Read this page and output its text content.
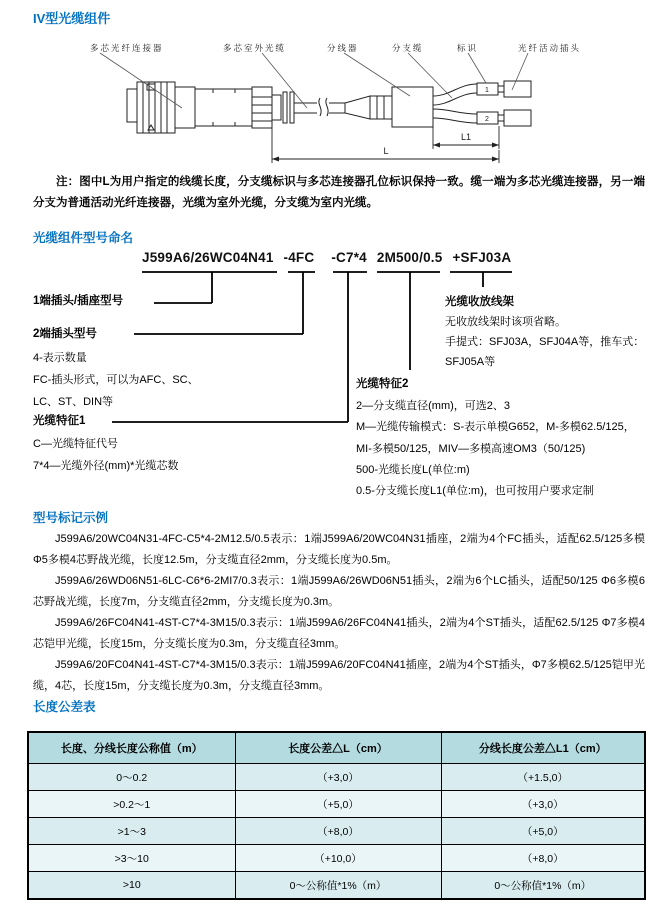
IV型光缆组件
多芯光纤连接器	多芯室外光缆	分线器	分支缆	标识	光纤活动插头
1
2
L1
L

注：图中L为用户指定的线缆长度，分支缆标识与多芯连接器孔位标识保持一致。缆一端为多芯光缆连接器，另一端分支为普通活动光纤连接器，光缆为室外光缆，分支缆为室内光缆。

光缆组件型号命名
J599A6/26WC04N41 -4FC -C7*4 2M500/0.5 +SFJ03A
1端插头/插座型号
2端插头型号
4-表示数量
FC-插头形式，可以为AFC、SC、
LC、ST、DIN等
光缆特征1
C—光缆特征代号
7*4—光缆外径(mm)*光缆芯数
光缆收放线架
无收放线架时该项省略。
手提式：SFJ03A，SFJ04A等，推车式：
SFJ05A等
光缆特征2
2—分支缆直径(mm)，可选2、3
M—光缆传输模式：S-表示单模G652，M-多模62.5/125，
MI-多模50/125，MIV—多模高速OM3（50/125)
500-光缆长度L(单位:m)
0.5-分支缆长度L1(单位:m)，也可按用户要求定制
型号标记示例

J599A6/20WC04N31-4FC-C5*4-2M12.5/0.5表示：1端J599A6/20WC04N31插座，2端为4个FC插头，适配62.5/125多模Φ5多模4芯野战光缆，长度12.5m，分支缆直径2mm，分支缆长度为0.5m。

J599A6/26WD06N51-6LC-C6*6-2MI7/0.3表示：1端J599A6/26WD06N51插头，2端为6个LC插头，适配50/125 Φ6多模6芯野战光缆，长度7m，分支缆直径2mm，分支缆长度为0.3m。

J599A6/26FC04N41-4ST-C7*4-3M15/0.3表示：1端J599A6/26FC04N41插头，2端为4个ST插头，适配62.5/125 Φ7多模4芯铠甲光缆，长度15m，分支缆长度为0.3m，分支缆直径3mm。

J599A6/20FC04N41-4ST-C7*4-3M15/0.3表示：1端J599A6/20FC04N41插座，2端为4个ST插头，Φ7多模62.5/125铠甲光缆，4芯，长度15m，分支缆长度为0.3m，分支缆直径3mm。

长度公差表
长度、分线长度公称值（m）	长度公差△L（cm）	分线长度公差△L1（cm）
0～0.2	（+3,0）	（+1.5,0）
>0.2～1	（+5,0）	（+3,0）
>1～3	（+8,0）	（+5,0）
>3～10	（+10,0）	（+8,0）
>10	0～公称值*1%（m）	0～公称值*1%（m）
